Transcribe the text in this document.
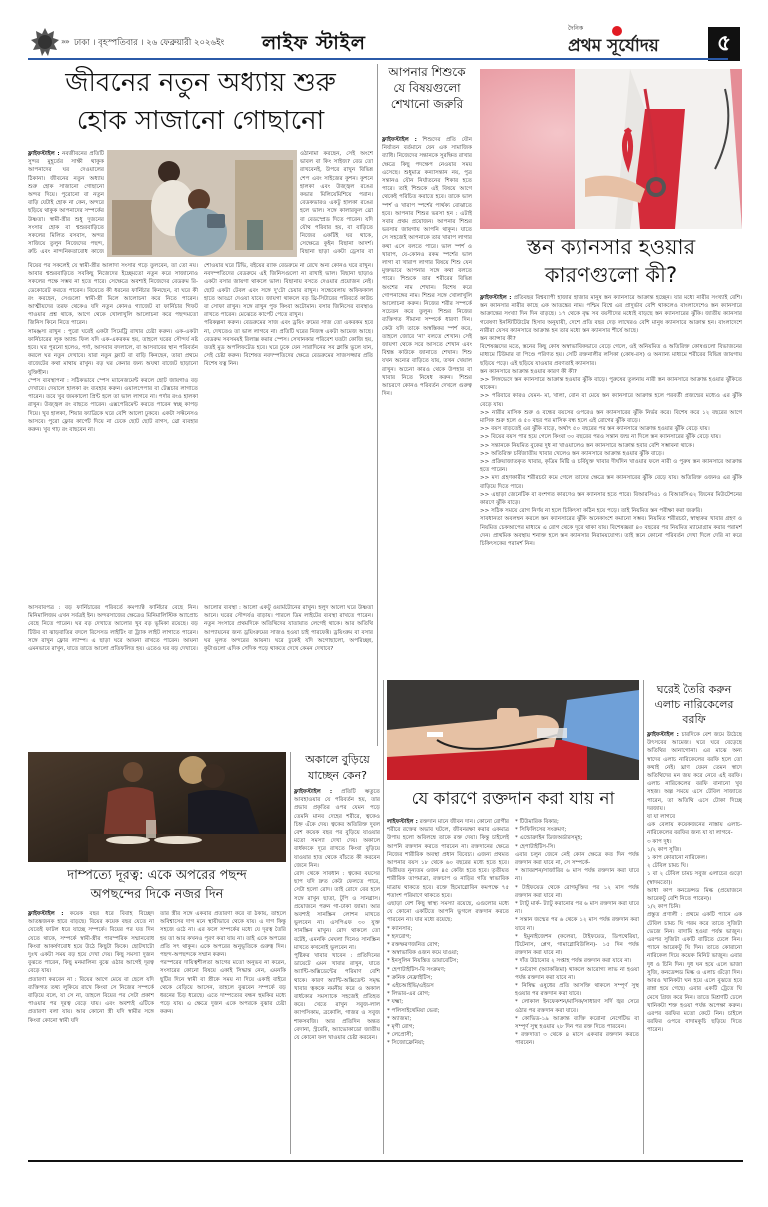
»» ঢাকা । বৃহস্পতিবার । ২৬ ফেব্রুয়ারী ২০২৬ইং লাইফ স্টাইল
দৈনিক
প্রথম সূর্যোদয়	৫
জীবনের নতুন অধ্যায় শুরু
হোক সাজানো গোছানো
ফ্লাইফস্টাইল : নবজীবনের প্রতিটি সুন্দর মুহূর্তের সাক্ষী থাকুক আপনাদের ঘর দেওয়ালের ঠিকানা। জীবনের নতুন অধ্যায় শুরু হোক সাজানো গোছানো অন্দর দিয়ে। পুরোনো বা নতুন বাড়ি যেটাই হোক না কেন, অন্দরে ছড়িয়ে থাকুক আপনাদের সম্পর্কের উষ্ণতা। স্বামী-স্ত্রীর শুধু দুজনের সংসার হোক বা শ্বশুরবাড়িতে সকলের মিলিত বসবাস, অন্দর সাজিয়ে তুলুন নিজেদের পছন্দ, রুচি এবং নান্দনিকতাবোধ কাজে
ওঠানামা করছেন, সেই অংশে ভাবল বা কিং সাইজ? বেড তো রাখবেনই, উপরে রাখুন বিভিন্ন শেপ এবং সাইজের কুশন। কুশনে হালকা এবং উজ্জ্বল রঙের কভার মিলিয়েমিশিয়ে পরান। বেডকভারও একটু হালকা রঙের হলে ভাল। সঙ্গে কালারফুল থ্রো বা বেডস্প্রেড দিতে পারেন। যদি যৌথ পরিবার হয়, বা বাড়িতে নিজের একটিই ঘর থাকে, সেক্ষেত্রে কুইন বিছানা আদর্শ। বিছানা ছাড়া একটা ড্রেসার বা
বিয়ের পর সকলেই যে স্বামী-স্ত্রীর আলাদা সংসার গড়ে তুলবেন, তা তো নয়। আবার শ্বশুরবাড়িতে সবকিছু নিজেদের ইচ্ছেমতো নতুন করে সাজানোও সকলের পক্ষে সম্ভব না হতে পারে। সেক্ষেত্রে অবশ্যই নিজেদের বেডরুম রি-ডেকোরেট করতে পারেন। বিয়েতে কী ধরনের ফার্নিচার কিনছেন, বা ঘরে কী রং করছেন, সেগুলো স্বামী-স্ত্রী মিলে আলোচনা করে নিতে পারেন। আত্মীয়দের তরফ থেকেও যদি নতুন কোনও গ্যাজেট বা ফার্নিচার গিফট পাওয়ার প্রশ্ন থাকে, আগে থেকে খোলাখুলি আলোচনা করে পছন্দমতো জিনিস কিনে নিতে পারেন।
সামঞ্জস্য রাখুন : পুরো ঘরেই একটা সিমেট্রি রাখার চেষ্টা করুন। এক-একটা ফার্নিচারের লুক অ্যান্ড ফিল যদি এক-একরকম হয়, তাহলে ঘরের সৌন্দর্য নষ্ট হবে। ঘর পুরনো হলেও, পর্দা, আসবাব বদলালে, বা আসবাবের স্থান পরিবর্তন করলে ঘর নতুন দেখাবে। যারা নতুন ফ্ল্যাট বা বাড়ি কিনছেন, তারা প্রথমে বাজেটের কথা মাথায় রাখুন। বড় ঘর কেনার জন্য অযথা বাজেট ছাড়ানো যুক্তিহীন।
স্পেস ব্যবস্থাপনা : সঠিকভাবে স্পেস ম্যানেজমেন্ট করলে ছোট জায়গাও বড় দেখাবে। দেয়ালে হালকা রং ব্যবহার করুন। ওয়ালপেপার বা টেক্সচার লাগাতে পারেন। তবে খুব জমকালো প্রিন্ট হলে তা ভাল লাগবে না। পর্দার রংও হালকা রাখুন। উজ্জ্বল রং বাছতে পারেন। এক্সপেরিমেন্ট করতে পারেন স্বচ্ছ কাপড় দিয়ে। খুব হালকা, শিয়ার ফ্যাব্রিকে ঘরে বেশি আলো ঢুকবে। একটা সফ্টনেসও আসবে। পুরো ফ্লোর কার্পেট দিয়ে না ঢেকে ছোট ছোট রাগস, থ্রো ব্যবহার করুন। খুব গাঢ় রং বাছবেন না।
শোওয়ার ঘরে টিভি, বইয়ের র‍্যাক বেডরুমে না রেখে অন্য কোনও ঘরে রাখুন। নবদম্পতিদের বেডরুমে এই জিনিসগুলো না রাখাই ভাল। বিছানা ছাড়াও একটা বসার জায়গা থাকলে ভাল। বিছানায় বসতে দেওয়ার প্রয়োজন নেই। ছোট একটা টেবল এবং সঙ্গে দু'টো চেয়ার রাখুন। সন্ধেবেলায় অফিফকাল হাতে আড্ডা দেওয়া যাবে। জায়গা থাকলে বড় থ্রি-সিটারের পরিবর্তে কাউচ বা সোফা রাখুন। সঙ্গে রাখুন পুফ কিংবা অটোমান। বসার জিনিসের ব্যবস্থাও রাখতে পারেন। মেঝেতে কার্পেট পেতে রাখুন।
পরিকল্পনা করুন। বেডরুমের সাজ এবং ড্রয়িং রুমের সাজ তো একরকম হবে না, দেখতেও তা ভাল লাগবে না। প্রতিটি ঘরের নিজস্ব একটা আমেজ আছে। বেডরুম সবসময়ই রিলাক্স করার স্পেস। সেখানকার পরিবেশ যতটা কোজি হয়, ততই মুড অপলিফটেড হবে। ঘরে ঢুকে যেন সারাদিনের সব ক্লান্তি ভুলে যান, সেই চেষ্টা করুন। বিশেষত নবদম্পতিদের ক্ষেত্রে বেডরুমের সাজসজ্জার প্রতি বিশেষ যত্ন নিন।
আসবাবপত্র : বড় ফার্নিচারের পরিবর্তে কমপ্যাক্ট ফার্নিচার বেছে নিন। মিনিমালিজম এখন সর্বত্রই ইন। অন্দরসাজের ক্ষেত্রেও মিনিমালিস্টিক অ্যাপ্রোচ বেছে নিতে পারেন। ঘর বড় দেখাতে আলোর খুব বড় ভূমিকা রয়েছে। বড় টিউব বা ঝাড়বাতির বদলে রিসেসড লাইটিং বা ট্র্যাক লাইট লাগাতে পারেন। সঙ্গে রাখুন ফ্লোর ল্যাম্প। এ ছাড়া ঘরে আয়না রাখতে পারেন। আয়না এমনভাবে রাখুন, যাতে তাতে আলো প্রতিফলিত হয়। এতেও ঘর বড় দেখাবে।
আলোর ব্যবস্থা : আলো একটু ওয়ার্মটোনের রাখুন। হলুদ আলো ঘরে উষ্ণতা আনে। ঘরের সৌন্দর্যও বাড়ায়। পারলে ডিম লাইটের ব্যবস্থা রাখতে পারেন। নতুন সংসারে প্রথমদিকে অতিথিদের যাতায়াত লেগেই থাকে। আর অতিথি আপ্যায়নের জন্য ড্রয়িংরুমের সাজও হওয়া চাই পারফেক্ট। ড্রয়িংরুম বা বসার ঘর মূলত অন্দরের আয়না। ঘরে ঢুকেই যদি অগোছালো, অপরিচ্ছন্ন, কুটাগুলো এদিক সেদিক পড়ে থাকতে দেখে কেমন দেখাবে?
আপনার শিশুকে যে বিষয়গুলো শেখানো জরুরি
ফ্লাইফস্টাইল : শিশুদের প্রতি যৌন নির্যাতন বর্তমানে যেন এক সামাজিক ব্যাধি। নিজেদের সন্তানকে সুরক্ষিত রাখার ক্ষেত্রে কিছু পদক্ষেপ নেওয়ার সময় এসেছে। শুধুমাত্র কন্যাসন্তান নয়, পুত্র সন্তানও যৌন নির্যাতনের শিকার হতে পারে। তাই শিশুকে এই বিষয়ে আগে থেকেই পরিচিত করাতে হবে। তাকে ভাল স্পর্শ ও খারাপ স্পর্শের পার্থক্য বোঝাতে হবে। আপনার শিশুর ভরসা হন : এটাই সবার প্রথম প্রয়োজন। আপনার শিশুর ভরসার জায়গায় আপনি থাকুন। যাতে সে সহজেই আপনাকে তার খারাপ লাগার কথা এসে বলতে পারে। ভাল স্পর্শ ও খারাপ, যে-কোনও রকম স্পর্শের ভাল লাগা বা খারাপ লাগার বিষয়ে শিশু যেন মুক্তভাবে আপনার সঙ্গে কথা বলতে পারে। শিশুকে তার শরীরের বিভিন্ন অংশের নাম শেখান। বিশেষ করে গোপনাঙ্গের নাম। শিশুর সঙ্গে খোলাখুলি আলোচনা করুন। নিজের শরীর সম্পর্কে সচেতন করে তুলুন। শিশুর নিজের ব্যক্তিগত সীমানা সম্পর্কে ধারণা দিন। কেউ যদি তাকে অস্বস্তিকর স্পর্শ করে, তাহলে জোরে 'না' বলতে শেখান। সেই জায়গা থেকে সরে আসতে শেখান এবং বিশ্বস্ত কাউকে জানাতে শেখান। শিশু যখন অন্যের বাড়িতে যায়, তখন খেয়াল রাখুন। অচেনা কারও থেকে উপহার বা খাবার নিতে নিষেধ করুন। শিশুর আচরণে কোনও পরিবর্তন দেখলে গুরুত্ব দিন।
স্তন ক্যানসার হওয়ার
কারণগুলো কী?
ফ্লাইফস্টাইল : প্রতিবছর বিশ্বব্যাপী হাজার হাজার মানুষ স্তন ক্যানসারে আক্রান্ত হচ্ছেন। যার মধ্যে নারীর সংখ্যাই বেশি। স্তন ক্যানসার নারীর কাছে এক আতঙ্কের নাম। পশ্চিম বিশ্বে এর প্রাদুর্ভাব বেশি থাকলেও বাংলাদেশেও স্তন ক্যানসারে আক্রান্তের সংখ্যা দিন দিন বাড়ছে। ১৭ থেকে বৃদ্ধ সব বয়সীদের মধ্যেই বাড়ছে স্তন ক্যানসারের ঝুঁকি। জাতীয় ক্যানসার গবেষণা ইনস্টিটিউটের হিসাব অনুযায়ী, দেশে প্রতি বছর দেড় লাখেরও বেশি মানুষ ক্যানসারে আক্রান্ত হন। বাংলাদেশে নারীরা যেসব ক্যানসারে আক্রান্ত হন তার মধ্যে স্তন ক্যানসার শীর্ষে আছে।
স্তন ক্যান্সার কী?
বিশেষজ্ঞদের মতে, স্তনের কিছু কোষ অস্বাভাবিকভাবে বেড়ে গেলে, ওই অনিয়মিত ও অতিরিক্ত কোষগুলো বিভাজনের মাধ্যমে টিউমার বা পিণ্ডে পরিণত হয়। সেটি রক্তনালীর লসিকা (কোষ-রস) ও অন্যান্য মাধ্যমে শরীরের বিভিন্ন জায়গায় ছড়িয়ে পড়ে। এই ছড়িয়ে যাওয়ার প্রবণতাই ক্যানসার।
স্তন ক্যানসারে আক্রান্ত হওয়ার কারণ কী কী?
>> লিঙ্গভেদে স্তন ক্যানসারে আক্রান্ত হওয়ার ঝুঁকি বাড়ে। পুরুষের তুলনায় নারী স্তন ক্যানসারে আক্রান্ত হওয়ার ঝুঁকিতে থাকেন।
>> পরিবারে কারও যেমন- মা, খালা, বোন বা মেয়ে স্তন ক্যানসারে আক্রান্ত হলে পরবর্তী প্রজন্মের মধ্যেও এর ঝুঁকি বেড়ে যায়।
>> নারীর মাসিক শুরু ও বন্ধের বয়সের ওপরেও স্তন ক্যানসারের ঝুঁকি নির্ভর করে। বিশেষ করে ১২ বছরের আগে মাসিক শুরু হলে ও ৫০ বছর পর মাসিক বন্ধ হলে এই রোগের ঝুঁকি বাড়ে।
>> বয়স বাড়তেই এর ঝুঁকি বাড়ে, অর্থাৎ ৫০ বছরের পর স্তন ক্যানসারে আক্রান্ত হওয়ার ঝুঁকি বেড়ে যায়।
>> বিয়ের বয়স পার হয়ে গেলে কিংবা ৩০ বছরের পরও সন্তান জন্ম না দিলে স্তন ক্যানসারের ঝুঁকি বেড়ে যায়।
>> সন্তানকে নিয়মিত বুকের দুধ না খাওয়ালেও স্তন ক্যানসারে আক্রান্ত হবার বেশি সম্ভাবনা থাকে।
>> অতিরিক্ত চর্বিজাতীয় খাবার খেলেও স্তন ক্যানসারে আক্রান্ত হওয়ার ঝুঁকি বাড়ে।
>> প্রক্রিয়াজাতকৃত খাবার, কৃত্রিম মিষ্টি ও চর্বিযুক্ত খাবার দীর্ঘদিন খাওয়ার ফলে নারী ও পুরুষ স্তন ক্যানসারে আক্রান্ত হতে পারেন।
>> মদ্য গ্রহণকারীর শরীরচর্চা কমে গেলে তাদের ক্ষেত্রে স্তন ক্যানসারের ঝুঁকি বেড়ে যায়। অতিরিক্ত ওজনও এর ঝুঁকি বাড়িয়ে দিতে পারে।
>> এছাড়া জেনেটিক বা বংশগত কারণেও স্তন ক্যানসার হতে পারে। বিআরসিএ১ ও বিআরসিএ২ জিনের মিউটেশনের কারণে ঝুঁকি বাড়ে।
>> সঠিক সময়ে রোগ নির্ণয় না হলে চিকিৎসা কঠিন হয়ে পড়ে। তাই নিয়মিত স্তন পরীক্ষা করা জরুরি।
সাবধানতা অবলম্বন করলে স্তন ক্যানসারের ঝুঁকি অনেকাংশে কমানো সম্ভব। নিয়মিত শরীরচর্চা, স্বাস্থ্যকর খাবার গ্রহণ ও নিয়মিত চেকআপের মাধ্যমে এ রোগ থেকে দূরে থাকা যায়। বিশেষজ্ঞরা ৪০ বছরের পর নিয়মিত ম্যামোগ্রাম করার পরামর্শ দেন। প্রাথমিক অবস্থায় শনাক্ত হলে স্তন ক্যানসার নিরাময়যোগ্য। তাই স্তনে কোনো পরিবর্তন দেখা দিলে দেরি না করে চিকিৎসকের পরামর্শ নিন।
দাম্পত্যে দূরত্ব: একে অপরের পছন্দ
অপছন্দের দিকে নজর দিন
ফ্লাইফস্টাইল : কয়েক বছর ধরে বিবাহ বিচ্ছেদ আতঙ্কজনক হারে বাড়ছে। বিয়ের কয়েক বছর যেতে না যেতেই ফাটল ধরে যাচ্ছে সম্পর্কে। বিয়ের পর যত দিন যেতে থাকে, সম্পর্কে স্বামী-স্ত্রীর পারস্পরিক সম্মানবোধ কিংবা আকর্ষণবোধ হয়ে উঠে কিছুটা ফিকে। ছোটখাটো দুঃখ একটা সময় বড় হয়ে দেখা দেয়। কিছু সমস্যা দুজন বুঝতে পারেন, কিছু মনমালিন্য বুঝে ওঠার আগেই দূরত্ব বেড়ে যায়।
প্রতারণা করবেন না : বিয়ের আগে মেয়ে বা ছেলে যদি ব্যক্তিগত তথ্য লুকিয়ে রাখে কিংবা সে নিজের সম্পর্কে বাড়িয়ে বলে, যা সে না, তাহলে বিয়ের পর সেটা প্রকাশ পাওয়ার পর দূরত্ব বেড়ে যায়। এবং অবশ্যই এটিকে প্রতারণা বলা যায়। আর কোনো স্ত্রী যদি স্বামীর সঙ্গে কিংবা কোনো স্বামী যদি
তার স্ত্রীর সঙ্গে একবার প্রতারণা করে বা ঠকায়, তাহলে অবিশ্বাসের দাগ মনে স্থায়ীভাবে থেকে যায়। এ দাগ কিন্তু সহজে ওঠে না। এর ফলে সম্পর্কের মধ্যে যে দূরত্ব তৈরি হয় তা আর কখনও পূরণ করা যায় না। তাই একে অপরের প্রতি সৎ থাকুন। একে অপরের অনুভূতিকে গুরুত্ব দিন। পছন্দ-অপছন্দকে সম্মান করুন।
পরস্পরের দায়িত্বশীলতা আগের মতো অনুভব না করেন, সংসারের কোনো বিষয়ে একাই সিদ্ধান্ত নেন, এমনকি ছুটির দিনে স্বামী বা স্ত্রীকে সময় না দিয়ে একাই বাইরে থেকে বেড়িয়ে আসেন, তাহলে বুঝবেন সম্পর্কে বড় ধরনের চিড় ধরেছে। এতে দাম্পত্যের বন্ধন হুমকির মধ্যে পড়ে যায়। এ ক্ষেত্রে দুজন একে অপরকে বুঝার চেষ্টা করুন।
অকালে বুড়িয়ে
যাচ্ছেন কেন?
ফ্লাইফস্টাইল : প্রতিটি ঋতুতে আবহাওয়ার যে পরিবর্তন হয়, তার প্রভাব প্রকৃতির ওপর যেমন পড়ে তেমনি মানব দেহের শরীরে, ত্বকেও চিহ্ন এঁকে দেয়। ত্বকের অতিরিক্ত দুবল বেশ কয়েক বছর পর বুড়িয়ে যাওয়ার মতো সমস্যা দেখা দেয়। অকালে বার্ধক্যকে দূরে রাখতে কিংবা বুড়িয়ে যাওয়ার হাত থেকে বাঁচতে কী করবেন জেনে নিন।
রোদ থেকে সাবধান : ত্বকের বয়সের ছাপ যদি দ্রুত কেউ ফেলতে পারে, সেটা হলো রোদ। তাই রোদে বের হলে সঙ্গে রাখুন ছাতা, টুপি ও সানগ্লাস। প্রয়োজনে পরুন গা-ঢাকা জামা। আর অবশ্যই সানস্ক্রিন লোশন মাখতে ভুলবেন না। এসপিএফ ৩০ যুক্ত সানস্ক্রিন মাখুন। রোদ থাকলে তো বটেই, এমনকি মেঘলা দিনেও সানস্ক্রিন মাখতে কখনোই ভুলবেন না।
পুষ্টিকর খাবার খাবেন : প্রতিদিনের ডায়েটে এমন খাবার রাখুন, যাতে অ্যান্টি-অক্সিডেন্টের পরিমাণ বেশি থাকে। কারণ অ্যান্টি-অক্সিডেন্ট সমৃদ্ধ খাবার ত্বককে নমনীয় করে ও অকাল বার্ধক্যের সমস্যাকে সহজেই প্রতিহত করে। খেতে রাখুন সবুজ-লাল ক্যাপসিকাম, ব্রকোলি, গাজর ও সবুজ শাকসবজি। আর প্রতিদিন অন্তত বেদানা, স্ট্রবেরি, অ্যাভোকাডো জাতীয় যে কোনো ফল খাওয়ার চেষ্টা করবেন।
যে কারণে রক্তদান করা যায় না
লাইফস্টাইল : রক্তদান মানে জীবন দান। কোনো রোগীর শরীরে রক্তের অভাব ঘটলে, জীবনরক্ষা করার একমাত্র উপায় হলো অবিলম্বে তাকে রক্ত দেয়া। কিন্তু চাইলেই আপনি রক্তদান করতে পারবেন না। রক্তদানের ক্ষেত্রে নিজের শারীরিক অবস্থা প্রধান বিবেচ্য। এজন্য প্রথমত আপনার বয়স ১৮ থেকে ৬০ বছরের মধ্যে হতে হবে। দ্বিতীয়ত নূন্যতম ওজন ৪৫ কেজি হতে হবে। তৃতীয়ত শারীরিক তাপমাত্রা, রক্তচাপ ও নাড়ির গতি স্বাভাবিক মাত্রায় থাকতে হবে। রক্তে হিমোগ্লোবিন কমপক্ষে ৭৫ শতাংশ পরিমাণে থাকতে হবে।
এছাড়া বেশ কিছু স্বাস্থ্য সমস্যা রয়েছে, এগুলোর মধ্যে যে কোনো একটিতে আপনি ভুগলে রক্তদান করতে পারবেন না। যার মধ্যে রয়েছে:
* ক্যানসার;
* হৃদরোগ;
* রক্তক্ষরণজনিত রোগ;
* অস্বাভাবিক ওজন কমে যাওয়া;
* ইনসুলিন নিয়ন্ত্রিত ডায়াবেটিস;
* হেপাটাইটিস-বি সংক্রমণ;
* ক্রনিক নেফ্রাইটিস;
* এইচআইভি/এইডস
* লিভার-এর রোগ;
* যক্ষ্মা;
* পলিসাইথেমিয়া ভেরা;
* অ্যাজমা;
* মৃগী রোগ;
* লেপ্রোসী;
* সিজোফ্রেনিয়া;
* টিউমারিক বিকার;
* সিফিলিসের সংক্রমণ;
* এন্ডোক্রাইন ডিজঅর্ডারসমূহ;
* হেপাটাইটিস-সি।
এবার চলুন জেনে নেই কোন ক্ষেত্রে কত দিন পর্যন্ত রক্তদান করা যাবে না, সে সম্পর্কে-
* অ্যাবরশন/সার্জারির ৬ মাস পর্যন্ত রক্তদান করা যাবে না।
* টাইফয়েড থেকে রোগমুক্তির পর ১২ মাস পর্যন্ত রক্তদান করা যাবে না।
* ট্যাটু মার্ক- ট্যাটু করানোর পর ৬ মাস রক্তদান করা যাবে না।
* সন্তান জন্মের পর ৬ থেকে ১২ মাস পর্যন্ত রক্তদান করা যাবে না।
* ইমুনাইজেশন (কলেরা, টাইফয়েড, ডিপথেরিয়া, টিটেনাস, প্লেগ, গামাগ্লোবিউলিন)- ১৫ দিন পর্যন্ত রক্তদান করা যাবে না।
* দাঁত উঠানোর ২ সপ্তাহ পর্যন্ত রক্তদান করা যাবে না।
* চর্মরোগ (অ্যাকজিমা) থাকলে আরোগ্য লাভ না হওয়া পর্যন্ত রক্তদান করা যাবে না।
* নিষিদ্ধ ওষুধের প্রতি আসক্তি থাকলে সম্পূর্ণ সুস্থ হওয়ার পর রক্তদান করা যাবে।
* লোকাল ইনফেকশন/মাসিক/সাধারণ সর্দি জ্বর সেরে ওঠার পর রক্তদান করা যাবে।
* কোভিড-১৯ আক্রান্ত ব্যক্তি করোনা নেগেটিভ বা সম্পূর্ণ সুস্থ হওয়ার ২৮ দিন পর রক্ত দিতে পারবেন।
* রক্তদাতা ৩ থেকে ৪ মাসে একবার রক্তদান করতে পারবেন।
ঘরেই তৈরি করুন
এলাচ নারিকেলের
বরফি
ফ্লাইফস্টাইল : চারদিকে বেশ জমে উঠেছে উৎসবের আমেজ। ঘরে ঘরে বেড়েছে অতিথির আনাগোনা। এর মাঝে অন্য স্বাদের এলাচ নারিকেলের বরফি হলে তো কথাই নেই। ঘ্রাণ যেমন তেমন স্বাদে অতিথিদের মন জয় করে নেবে এই বরফি। এলাচ নারিকেলের বরফি বানানো খুব সহজ। অল্প সময়ে এসে টেবিল সাজাতে পারেন, তা অতিথি এসে টোকা দিচ্ছে দরজায়।
যা যা লাগবে
এক বেলায় কয়েকজনের নাস্তায় এলাচ-নারিকেলের বরফির জন্য যা যা লাগবে-
৩ কাপ দুধ।
১/২ কাপ সুজি।
১ কাপ কোরানো নারিকেল।
২ টেবিল চামচ ঘি।
১ বা ২ টেবিল চামচ সবুজ এলাচের গুড়ো (স্বাদমতো)।
আধা কাপ কনডেন্সড মিল্ক (প্রয়োজনে আরেকটু বেশি নিতে পারেন)।
১/২ কাপ চিনি।
প্রস্তুত প্রণালী : প্রথমে একটি প্যানে এক টেবিল চামচ ঘি গরম করে তাতে সুজিটা ভেজে নিন। বাদামি হওয়া পর্যন্ত ভাজুন। এরপর সুজিটা একটি বাটিতে ঢেলে নিন। প্যানে আরেকটু ঘি দিন। তাতে কোরানো নারিকেল দিয়ে কয়েক মিনিট ভাজুন। এবার দুধ ও চিনি দিন। দুধ ঘন হয়ে এলে ভাজা সুজি, কনডেন্সড মিল্ক ও এলাচ গুঁড়ো দিন। আরও খানিকটা ঘন হয়ে এলে বুঝতে হবে রান্না হয়ে গেছে। এবার একটি ট্রেতে ঘি মেখে গ্রিজ করে নিন। তাতে মিশ্রণটি ঢেলে খানিকটা শক্ত হওয়া পর্যন্ত অপেক্ষা করুন। এরপর বরফির মতো কেটে নিন। চাইলে বরফির ওপরে বাদামকুচি ছড়িয়ে দিতে পারেন।
